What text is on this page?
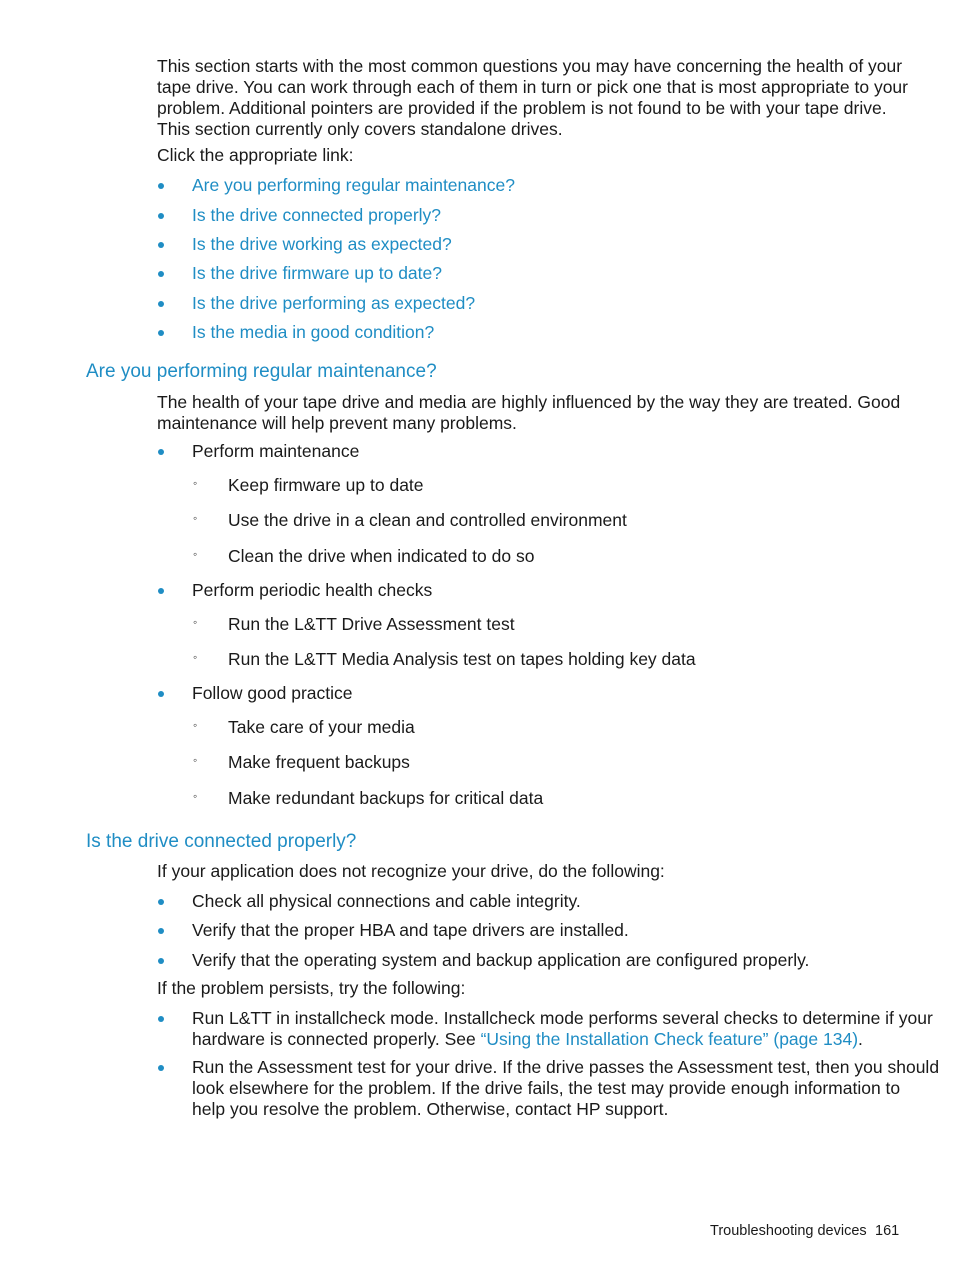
This section starts with the most common questions you may have concerning the health of your
tape drive. You can work through each of them in turn or pick one that is most appropriate to your
problem. Additional pointers are provided if the problem is not found to be with your tape drive.
This section currently only covers standalone drives.
Click the appropriate link:
Are you performing regular maintenance?
Is the drive connected properly?
Is the drive working as expected?
Is the drive firmware up to date?
Is the drive performing as expected?
Is the media in good condition?
Are you performing regular maintenance?
The health of your tape drive and media are highly influenced by the way they are treated. Good
maintenance will help prevent many problems.
Perform maintenance
◦ Keep firmware up to date
◦ Use the drive in a clean and controlled environment
◦ Clean the drive when indicated to do so
Perform periodic health checks
◦ Run the L&TT Drive Assessment test
◦ Run the L&TT Media Analysis test on tapes holding key data
Follow good practice
◦ Take care of your media
◦ Make frequent backups
◦ Make redundant backups for critical data
Is the drive connected properly?
If your application does not recognize your drive, do the following:
Check all physical connections and cable integrity.
Verify that the proper HBA and tape drivers are installed.
Verify that the operating system and backup application are configured properly.
If the problem persists, try the following:
Run L&TT in installcheck mode. Installcheck mode performs several checks to determine if your
hardware is connected properly. See “Using the Installation Check feature” (page 134).
Run the Assessment test for your drive. If the drive passes the Assessment test, then you should
look elsewhere for the problem. If the drive fails, the test may provide enough information to
help you resolve the problem. Otherwise, contact HP support.
Troubleshooting devices 161
